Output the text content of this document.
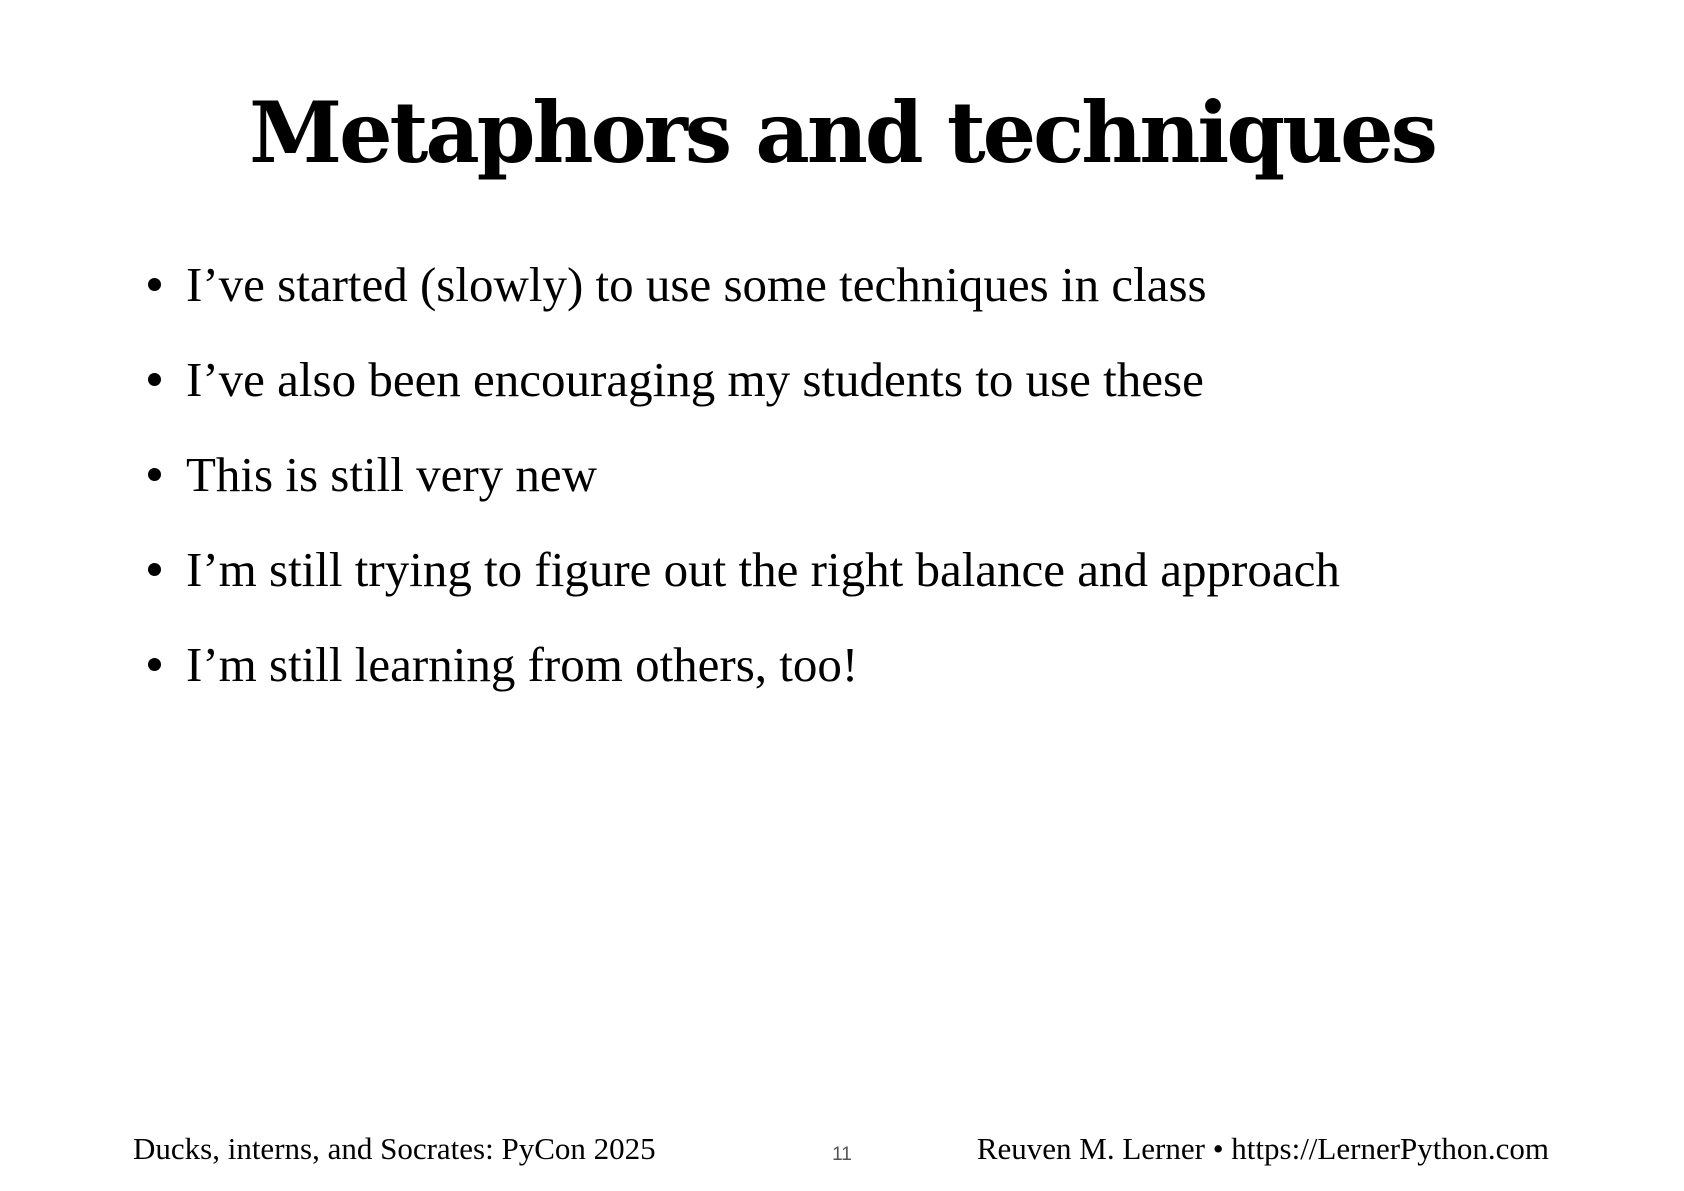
Metaphors and techniques
I’ve started (slowly) to use some techniques in class
I’ve also been encouraging my students to use these
This is still very new
I’m still trying to figure out the right balance and approach
I’m still learning from others, too!
Ducks, interns, and Socrates: PyCon 2025	11	Reuven M. Lerner • https://LernerPython.com
